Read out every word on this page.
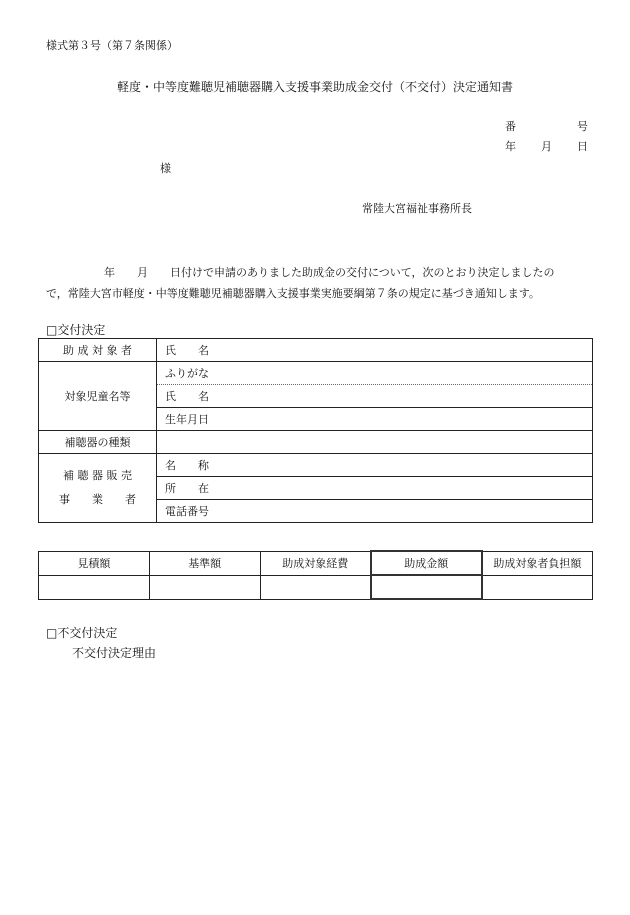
様式第３号（第７条関係）
軽度・中等度難聴児補聴器購入支援事業助成金交付（不交付）決定通知書
番	号
年 月 日
様
常陸大宮福祉事務所長
年　　月　　日付けで申請のありました助成金の交付について，次のとおり決定しましたの
で，常陸大宮市軽度・中等度難聴児補聴器購入支援事業実施要綱第７条の規定に基づき通知します。
□交付決定
助 成 対 象 者	氏　　名
対象児童名等	ふりがな
	氏　　名
	生年月日
補聴器の種類	

補 聴 器 販 売
事　　業　　者	名　　称
	所　　在
	電話番号
見積額	基準額	助成対象経費	助成金額	助成対象者負担額

□不交付決定
不交付決定理由
